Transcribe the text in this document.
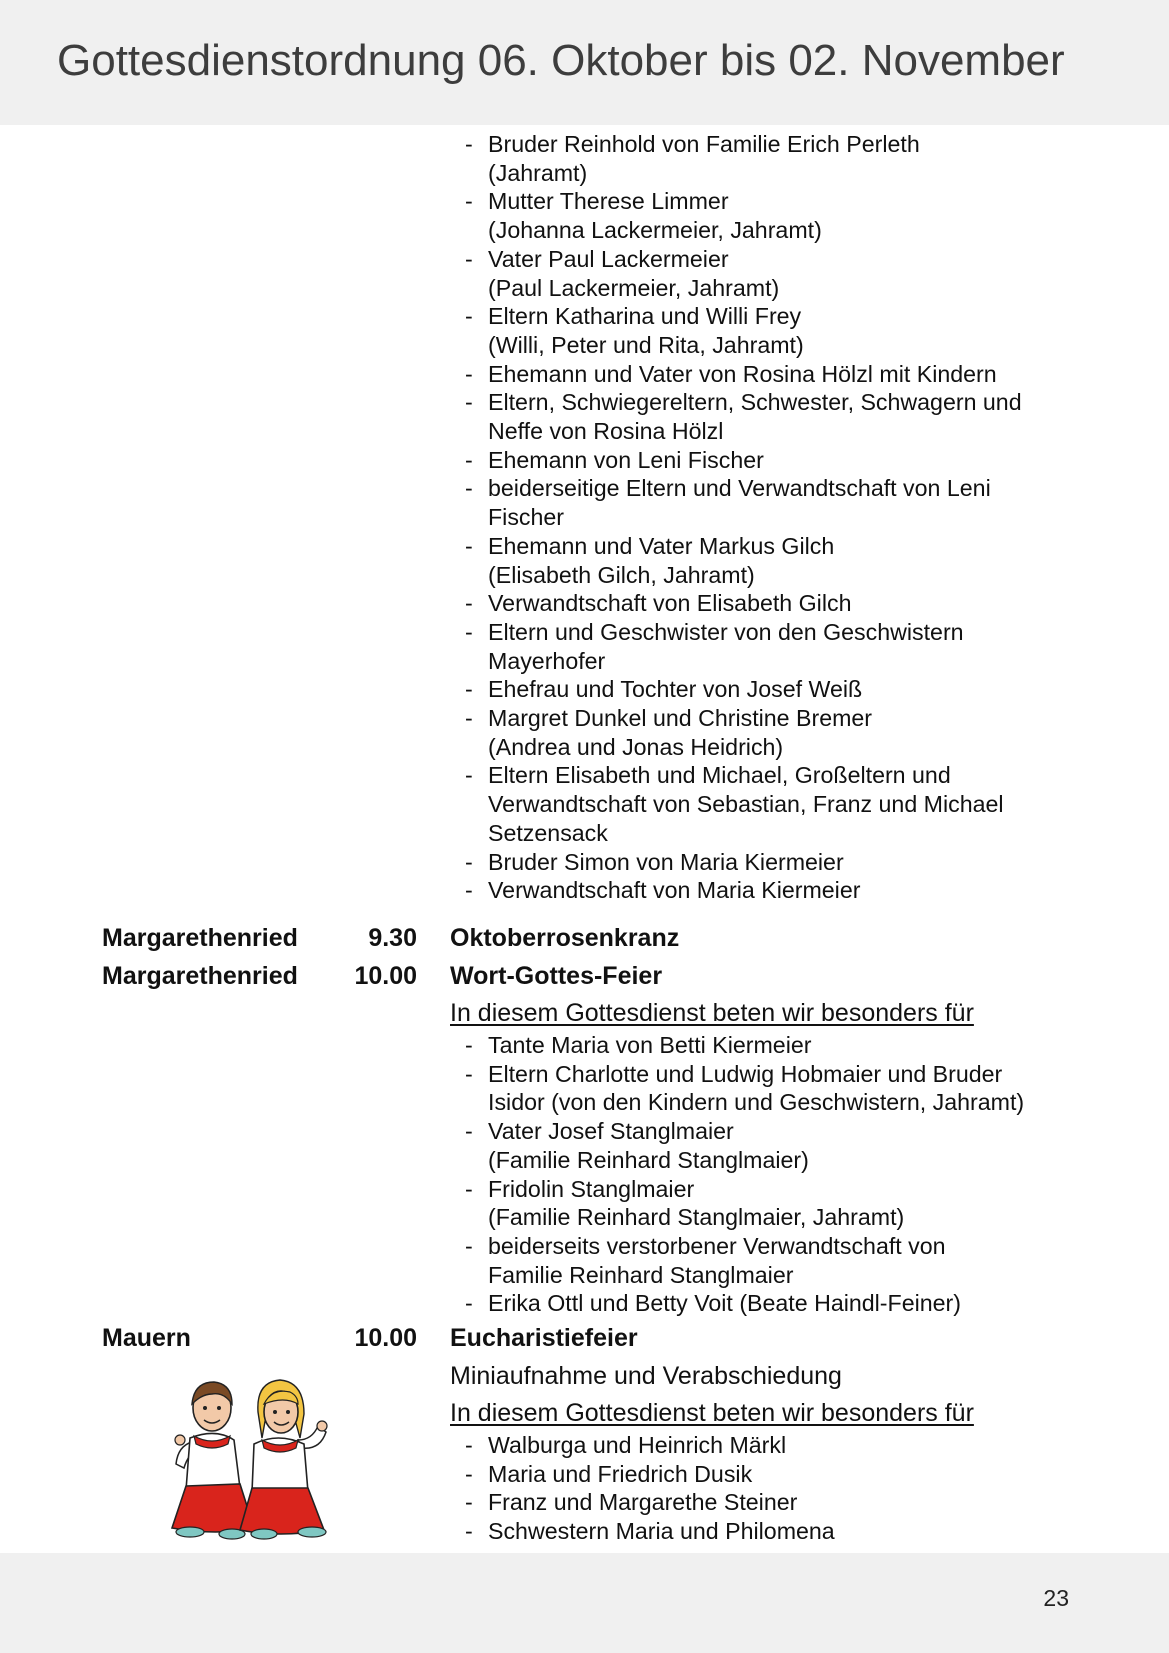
Gottesdienstordnung 06. Oktober bis 02. November
- Bruder Reinhold von Familie Erich Perleth
(Jahramt)
- Mutter Therese Limmer
(Johanna Lackermeier, Jahramt)
- Vater Paul Lackermeier
(Paul Lackermeier, Jahramt)
- Eltern Katharina und Willi Frey
(Willi, Peter und Rita, Jahramt)
- Ehemann und Vater von Rosina Hölzl mit Kindern
- Eltern, Schwiegereltern, Schwester, Schwagern und
Neffe von Rosina Hölzl
- Ehemann von Leni Fischer
- beiderseitige Eltern und Verwandtschaft von Leni
Fischer
- Ehemann und Vater Markus Gilch
(Elisabeth Gilch, Jahramt)
- Verwandtschaft von Elisabeth Gilch
- Eltern und Geschwister von den Geschwistern
Mayerhofer
- Ehefrau und Tochter von Josef Weiß
- Margret Dunkel und Christine Bremer
(Andrea und Jonas Heidrich)
- Eltern Elisabeth und Michael, Großeltern und
Verwandtschaft von Sebastian, Franz und Michael
Setzensack
- Bruder Simon von Maria Kiermeier
- Verwandtschaft von Maria Kiermeier
Margarethenried	9.30 Oktoberrosenkranz
Margarethenried	10.00 Wort-Gottes-Feier
In diesem Gottesdienst beten wir besonders für
- Tante Maria von Betti Kiermeier
- Eltern Charlotte und Ludwig Hobmaier und Bruder
Isidor (von den Kindern und Geschwistern, Jahramt)
- Vater Josef Stanglmaier
(Familie Reinhard Stanglmaier)
- Fridolin Stanglmaier
(Familie Reinhard Stanglmaier, Jahramt)
- beiderseits verstorbener Verwandtschaft von
Familie Reinhard Stanglmaier
- Erika Ottl und Betty Voit (Beate Haindl-Feiner)
Mauern	10.00 Eucharistiefeier
Miniaufnahme und Verabschiedung
In diesem Gottesdienst beten wir besonders für
- Walburga und Heinrich Märkl
- Maria und Friedrich Dusik
- Franz und Margarethe Steiner
- Schwestern Maria und Philomena
23
